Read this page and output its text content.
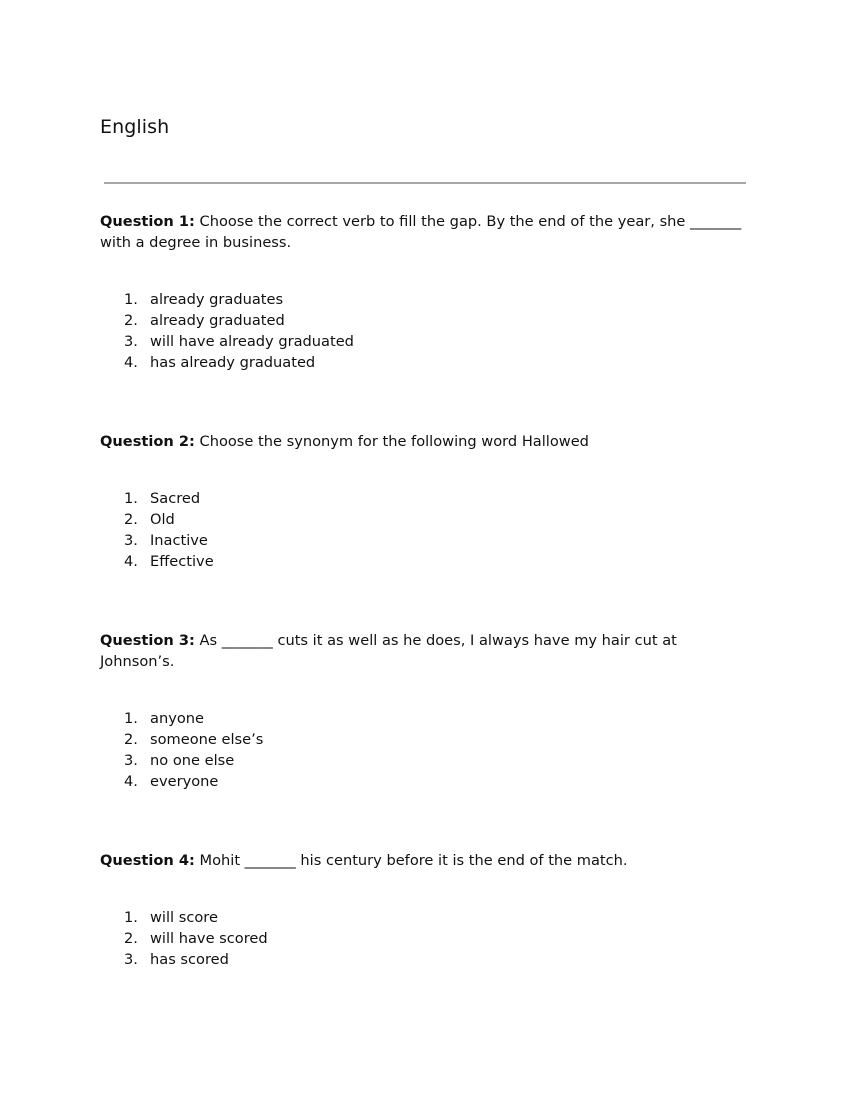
English

Question 1: Choose the correct verb to fill the gap. By the end of the year, she _______ with a degree in business.

1. already graduates
2. already graduated
3. will have already graduated
4. has already graduated

Question 2: Choose the synonym for the following word Hallowed

1. Sacred
2. Old
3. Inactive
4. Effective

Question 3: As _______ cuts it as well as he does, I always have my hair cut at Johnson’s.

1. anyone
2. someone else’s
3. no one else
4. everyone

Question 4: Mohit _______ his century before it is the end of the match.

1. will score
2. will have scored
3. has scored
